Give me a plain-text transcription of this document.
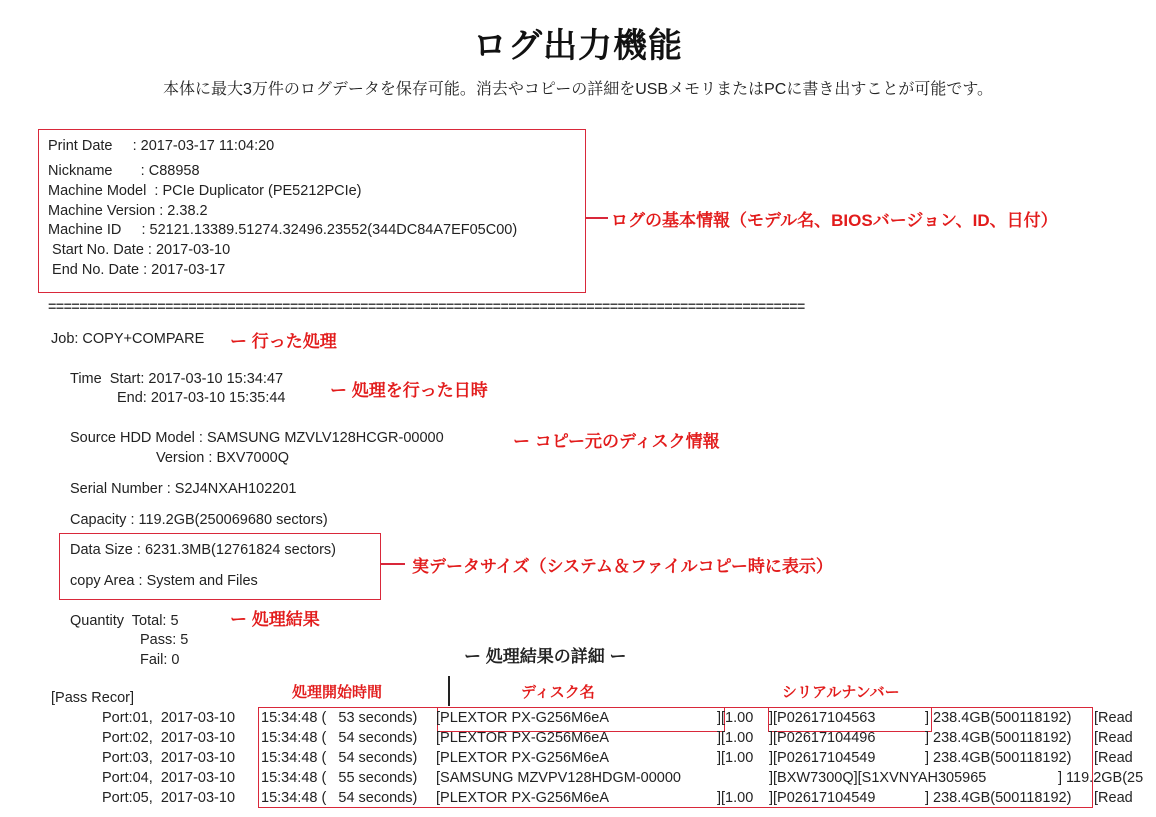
ログ出力機能
本体に最大3万件のログデータを保存可能。消去やコピーの詳細をUSBメモリまたはPCに書き出すことが可能です。
Print Date     : 2017-03-17 11:04:20
Nickname       : C88958
Machine Model  : PCIe Duplicator (PE5212PCIe)
Machine Version : 2.38.2
Machine ID     : 52121.13389.51274.32496.23552(344DC84A7EF05C00)
Start No. Date : 2017-03-10
End No. Date : 2017-03-17
ログの基本情報（モデル名、BIOSバージョン、ID、日付）
=================================================================================================
Job: COPY+COMPARE ー 行った処理
Time  Start: 2017-03-10 15:34:47
End: 2017-03-10 15:35:44	ー 処理を行った日時
Source HDD Model : SAMSUNG MZVLV128HCGR-00000
Version : BXV7000Q
ー コピー元のディスク情報
Serial Number : S2J4NXAH102201
Capacity : 119.2GB(250069680 sectors)
Data Size : 6231.3MB(12761824 sectors)
copy Area : System and Files
実データサイズ（システム＆ファイルコピー時に表示）
Quantity  Total: 5
Pass: 5
Fail: 0
ー 処理結果
ー 処理結果の詳細 ー
処理開始時間	ディスク名	シリアルナンバー
[Pass Recor]
Port:01,  2017-03-10 15:34:48 (   53 seconds) [PLEXTOR PX-G256M6eA	][1.00 ][P02617104563	] 238.4GB(500118192) [Read
Port:02,  2017-03-10 15:34:48 (   54 seconds) [PLEXTOR PX-G256M6eA	][1.00 ][P02617104496	] 238.4GB(500118192) [Read
Port:03,  2017-03-10 15:34:48 (   54 seconds) [PLEXTOR PX-G256M6eA	][1.00 ][P02617104549	] 238.4GB(500118192) [Read
Port:04,  2017-03-10 15:34:48 (   55 seconds) [SAMSUNG MZVPV128HDGM-00000	][BXW7300Q][S1XVNYAH305965	] 119.2GB(25
Port:05,  2017-03-10 15:34:48 (   54 seconds) [PLEXTOR PX-G256M6eA	][1.00 ][P02617104549	] 238.4GB(500118192) [Read
